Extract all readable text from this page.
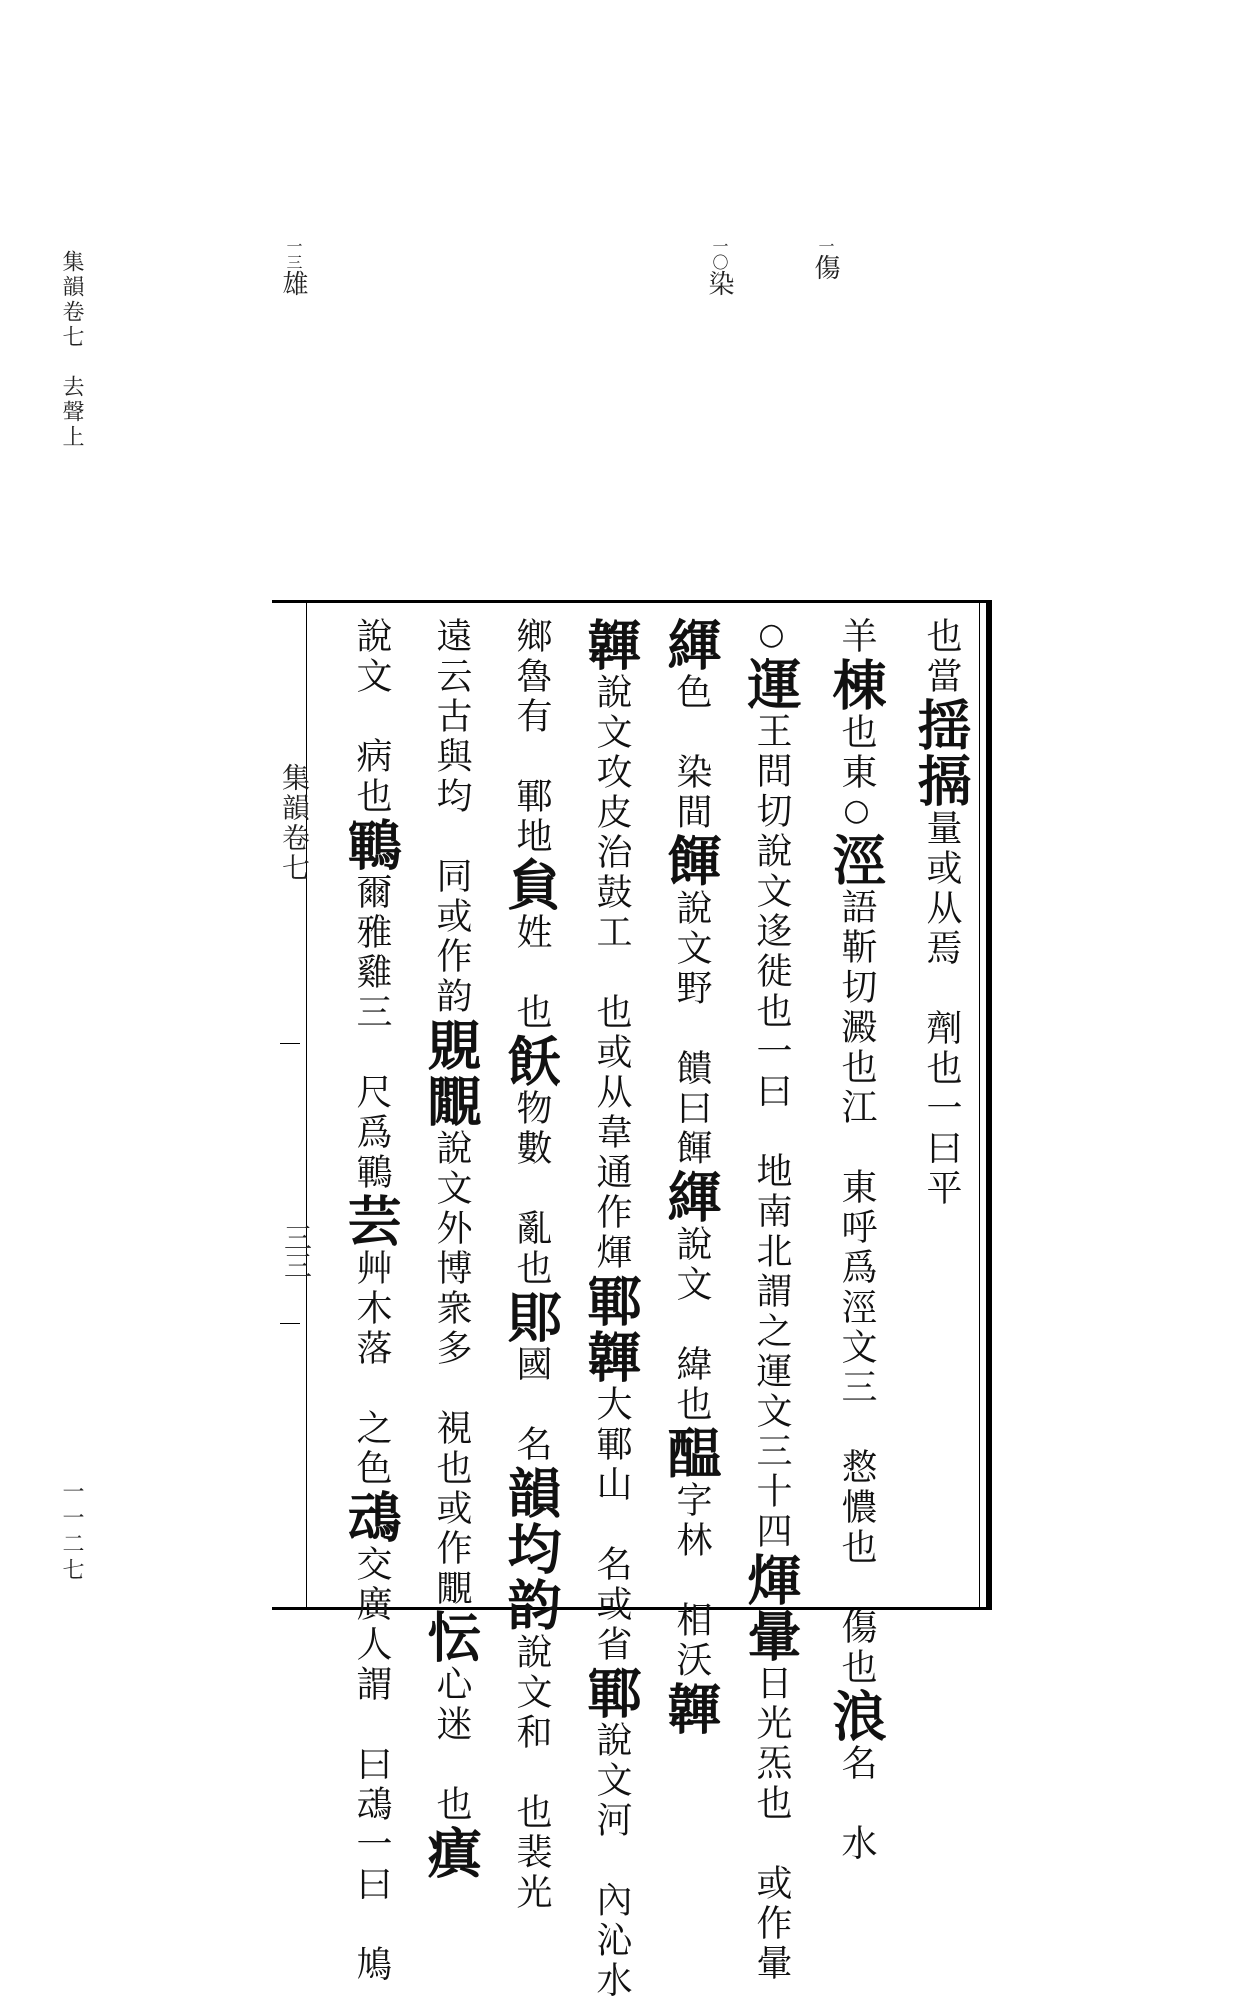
集韻卷七　去聲上
一一二七
一傷
一〇染
一三雄
集韻卷七
三三
也當揺搹量或从焉　劑也一曰平
羊棟也東○涇語靳切澱也江　東呼爲涇文三　慦憹也　傷也浪名　水
○運王問切說文迻徙也一曰　地南北謂之運文三十四煇暈日光炁也　或作暈
緷色　染間餫說文野　饋曰餫緷說文　緯也醖字林　相沃韗
韗說文攻皮治鼓工　也或从韋通作煇鄆韗大鄆山　名或省鄆說文河　內沁水
鄉魯有　鄆地貟姓　也飫物數　亂也郥國　名韻均韵說文和　也裴光
遠云古與均　同或作韵覞覵說文外博衆多　視也或作覵忶心迷　也瘨
說文　病也鶤爾雅雞三　尺爲鶤芸艸木落　之色䲰交廣人謂　曰䲰一曰　鳩
